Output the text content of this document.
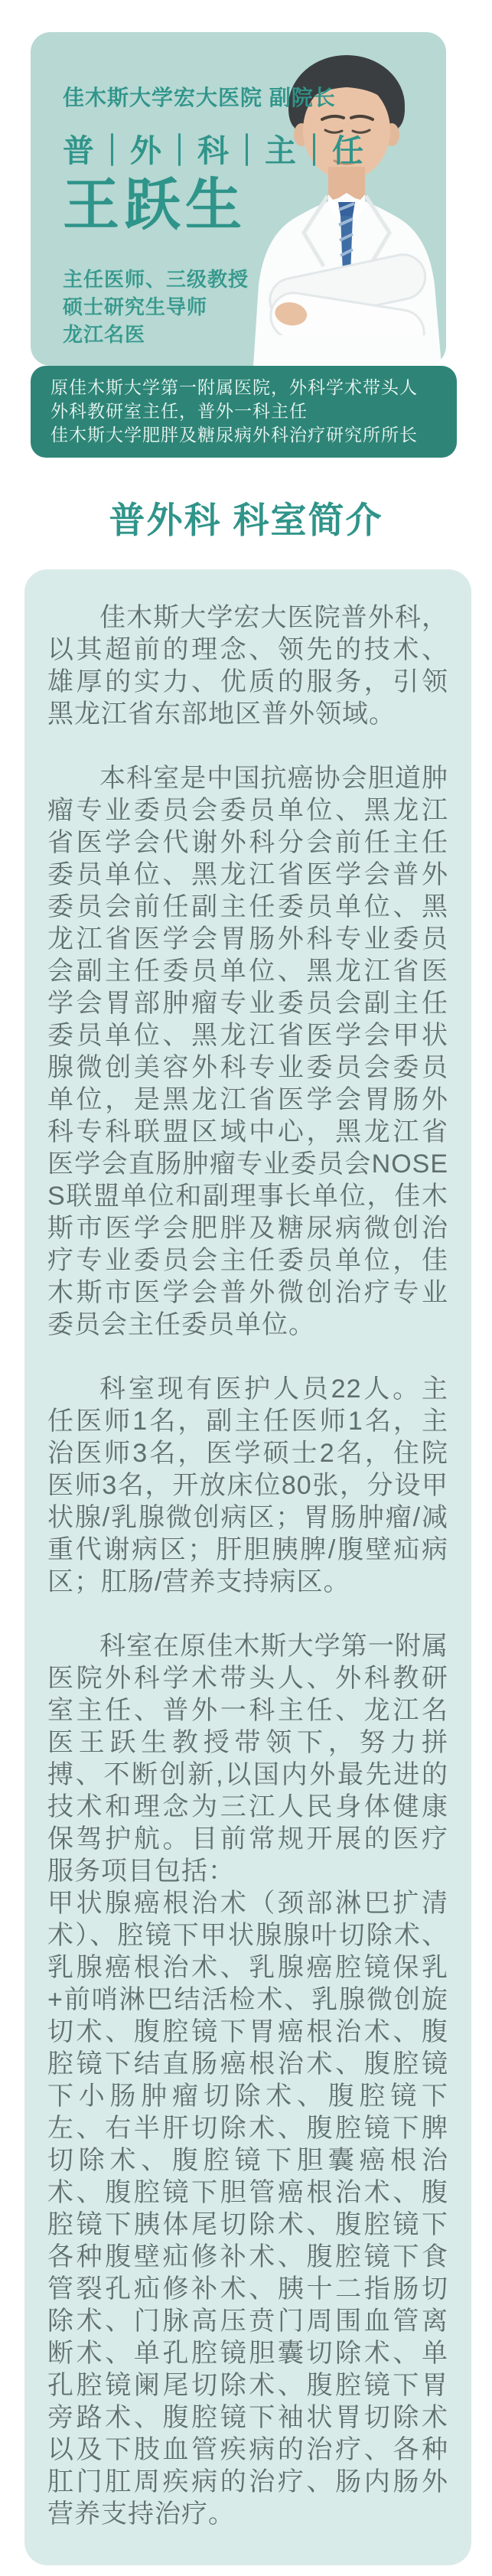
佳木斯大学宏大医院 副院长
普｜外｜科｜主｜任
王跃生
主任医师、三级教授
硕士研究生导师
龙江名医
原佳木斯大学第一附属医院，外科学术带头人
外科教研室主任，普外一科主任
佳木斯大学肥胖及糖尿病外科治疗研究所所长
普外科 科室简介

佳木斯大学宏大医院普外科，以其超前的理念、领先的技术、雄厚的实力、优质的服务，引领黑龙江省东部地区普外领域。

本科室是中国抗癌协会胆道肿瘤专业委员会委员单位、黑龙江省医学会代谢外科分会前任主任委员单位、黑龙江省医学会普外委员会前任副主任委员单位、黑龙江省医学会胃肠外科专业委员会副主任委员单位、黑龙江省医学会胃部肿瘤专业委员会副主任委员单位、黑龙江省医学会甲状腺微创美容外科专业委员会委员单位，是黑龙江省医学会胃肠外科专科联盟区域中心，黑龙江省医学会直肠肿瘤专业委员会NOSES联盟单位和副理事长单位，佳木斯市医学会肥胖及糖尿病微创治疗专业委员会主任委员单位，佳木斯市医学会普外微创治疗专业委员会主任委员单位。

科室现有医护人员22人。主任医师1名，副主任医师1名，主治医师3名，医学硕士2名，住院医师3名，开放床位80张，分设甲状腺/乳腺微创病区；胃肠肿瘤/减重代谢病区；肝胆胰脾/腹壁疝病区；肛肠/营养支持病区。

科室在原佳木斯大学第一附属医院外科学术带头人、外科教研室主任、普外一科主任、龙江名医王跃生教授带领下，努力拼搏、不断创新,以国内外最先进的技术和理念为三江人民身体健康保驾护航。目前常规开展的医疗服务项目包括：

甲状腺癌根治术（颈部淋巴扩清术）、腔镜下甲状腺腺叶切除术、乳腺癌根治术、乳腺癌腔镜保乳+前哨淋巴结活检术、乳腺微创旋切术、腹腔镜下胃癌根治术、腹腔镜下结直肠癌根治术、腹腔镜下小肠肿瘤切除术、腹腔镜下左、右半肝切除术、腹腔镜下脾切除术、腹腔镜下胆囊癌根治术、腹腔镜下胆管癌根治术、腹腔镜下胰体尾切除术、腹腔镜下各种腹壁疝修补术、腹腔镜下食管裂孔疝修补术、胰十二指肠切除术、门脉高压贲门周围血管离断术、单孔腔镜胆囊切除术、单孔腔镜阑尾切除术、腹腔镜下胃旁路术、腹腔镜下袖状胃切除术以及下肢血管疾病的治疗、各种肛门肛周疾病的治疗、肠内肠外营养支持治疗。
